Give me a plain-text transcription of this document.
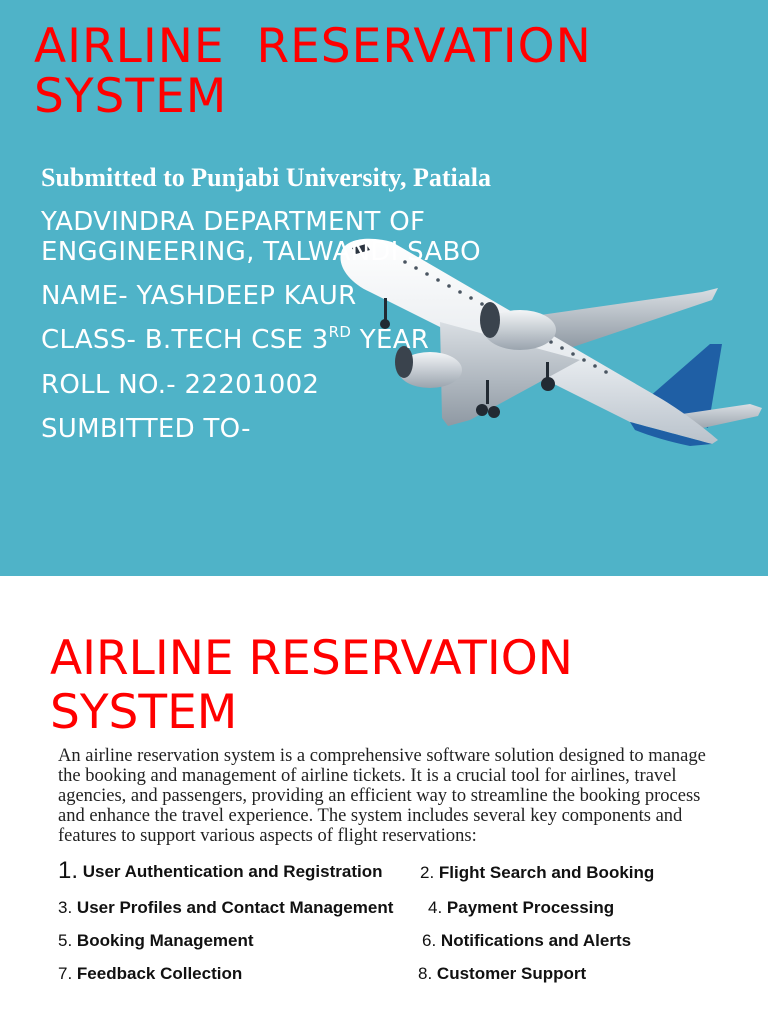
AIRLINE  RESERVATION SYSTEM

Submitted to Punjabi University, Patiala

YADVINDRA DEPARTMENT OF

ENGGINEERING, TALWANDI SABO

NAME- YASHDEEP KAUR

CLASS- B.TECH CSE 3RD YEAR

ROLL NO.- 22201002

SUMBITTED TO-

AIRLINE RESERVATION SYSTEM

An airline reservation system is a comprehensive software solution designed to manage the booking and management of airline tickets. It is a crucial tool for airlines, travel agencies, and passengers, providing an efficient way to streamline the booking process and enhance the travel experience. The system includes several key components and features to support various aspects of flight reservations:

1. User Authentication and Registration 2. Flight Search and Booking

3. User Profiles and Contact Management 4. Payment Processing

5. Booking Management	6. Notifications and Alerts

7. Feedback Collection	8. Customer Support
